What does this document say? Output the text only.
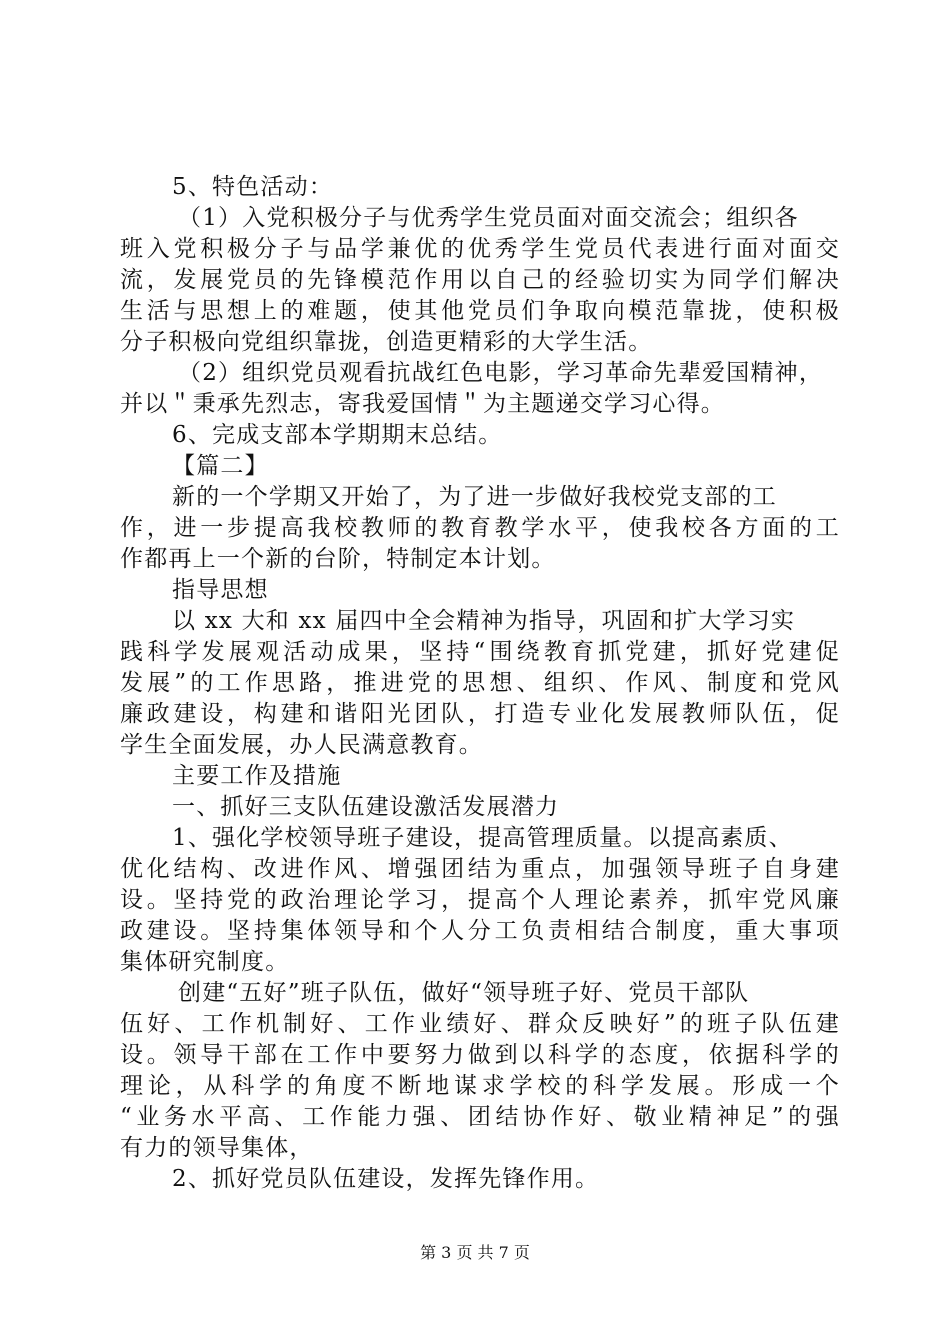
5、特色活动：
（1）入党积极分子与优秀学生党员面对面交流会；组织各
班入党积极分子与品学兼优的优秀学生党员代表进行面对面交
流，发展党员的先锋模范作用以自己的经验切实为同学们解决
生活与思想上的难题，使其他党员们争取向模范靠拢，使积极
分子积极向党组织靠拢，创造更精彩的大学生活。
（2）组织党员观看抗战红色电影，学习革命先辈爱国精神，
并以＂秉承先烈志，寄我爱国情＂为主题递交学习心得。
6、完成支部本学期期末总结。
【篇二】
新的一个学期又开始了，为了进一步做好我校党支部的工
作，进一步提高我校教师的教育教学水平，使我校各方面的工
作都再上一个新的台阶，特制定本计划。
指导思想
以 xx 大和 xx 届四中全会精神为指导，巩固和扩大学习实
践科学发展观活动成果，坚持“围绕教育抓党建，抓好党建促
发展”的工作思路，推进党的思想、组织、作风、制度和党风
廉政建设，构建和谐阳光团队，打造专业化发展教师队伍，促
学生全面发展，办人民满意教育。
主要工作及措施
一、抓好三支队伍建设激活发展潜力
1、强化学校领导班子建设，提高管理质量。以提高素质、
优化结构、改进作风、增强团结为重点，加强领导班子自身建
设。坚持党的政治理论学习，提高个人理论素养，抓牢党风廉
政建设。坚持集体领导和个人分工负责相结合制度，重大事项
集体研究制度。
创建“五好”班子队伍，做好“领导班子好、党员干部队
伍好、工作机制好、工作业绩好、群众反映好”的班子队伍建
设。领导干部在工作中要努力做到以科学的态度，依据科学的
理论，从科学的角度不断地谋求学校的科学发展。形成一个
“业务水平高、工作能力强、团结协作好、敬业精神足”的强
有力的领导集体，
2、抓好党员队伍建设，发挥先锋作用。
第 3 页 共 7 页
